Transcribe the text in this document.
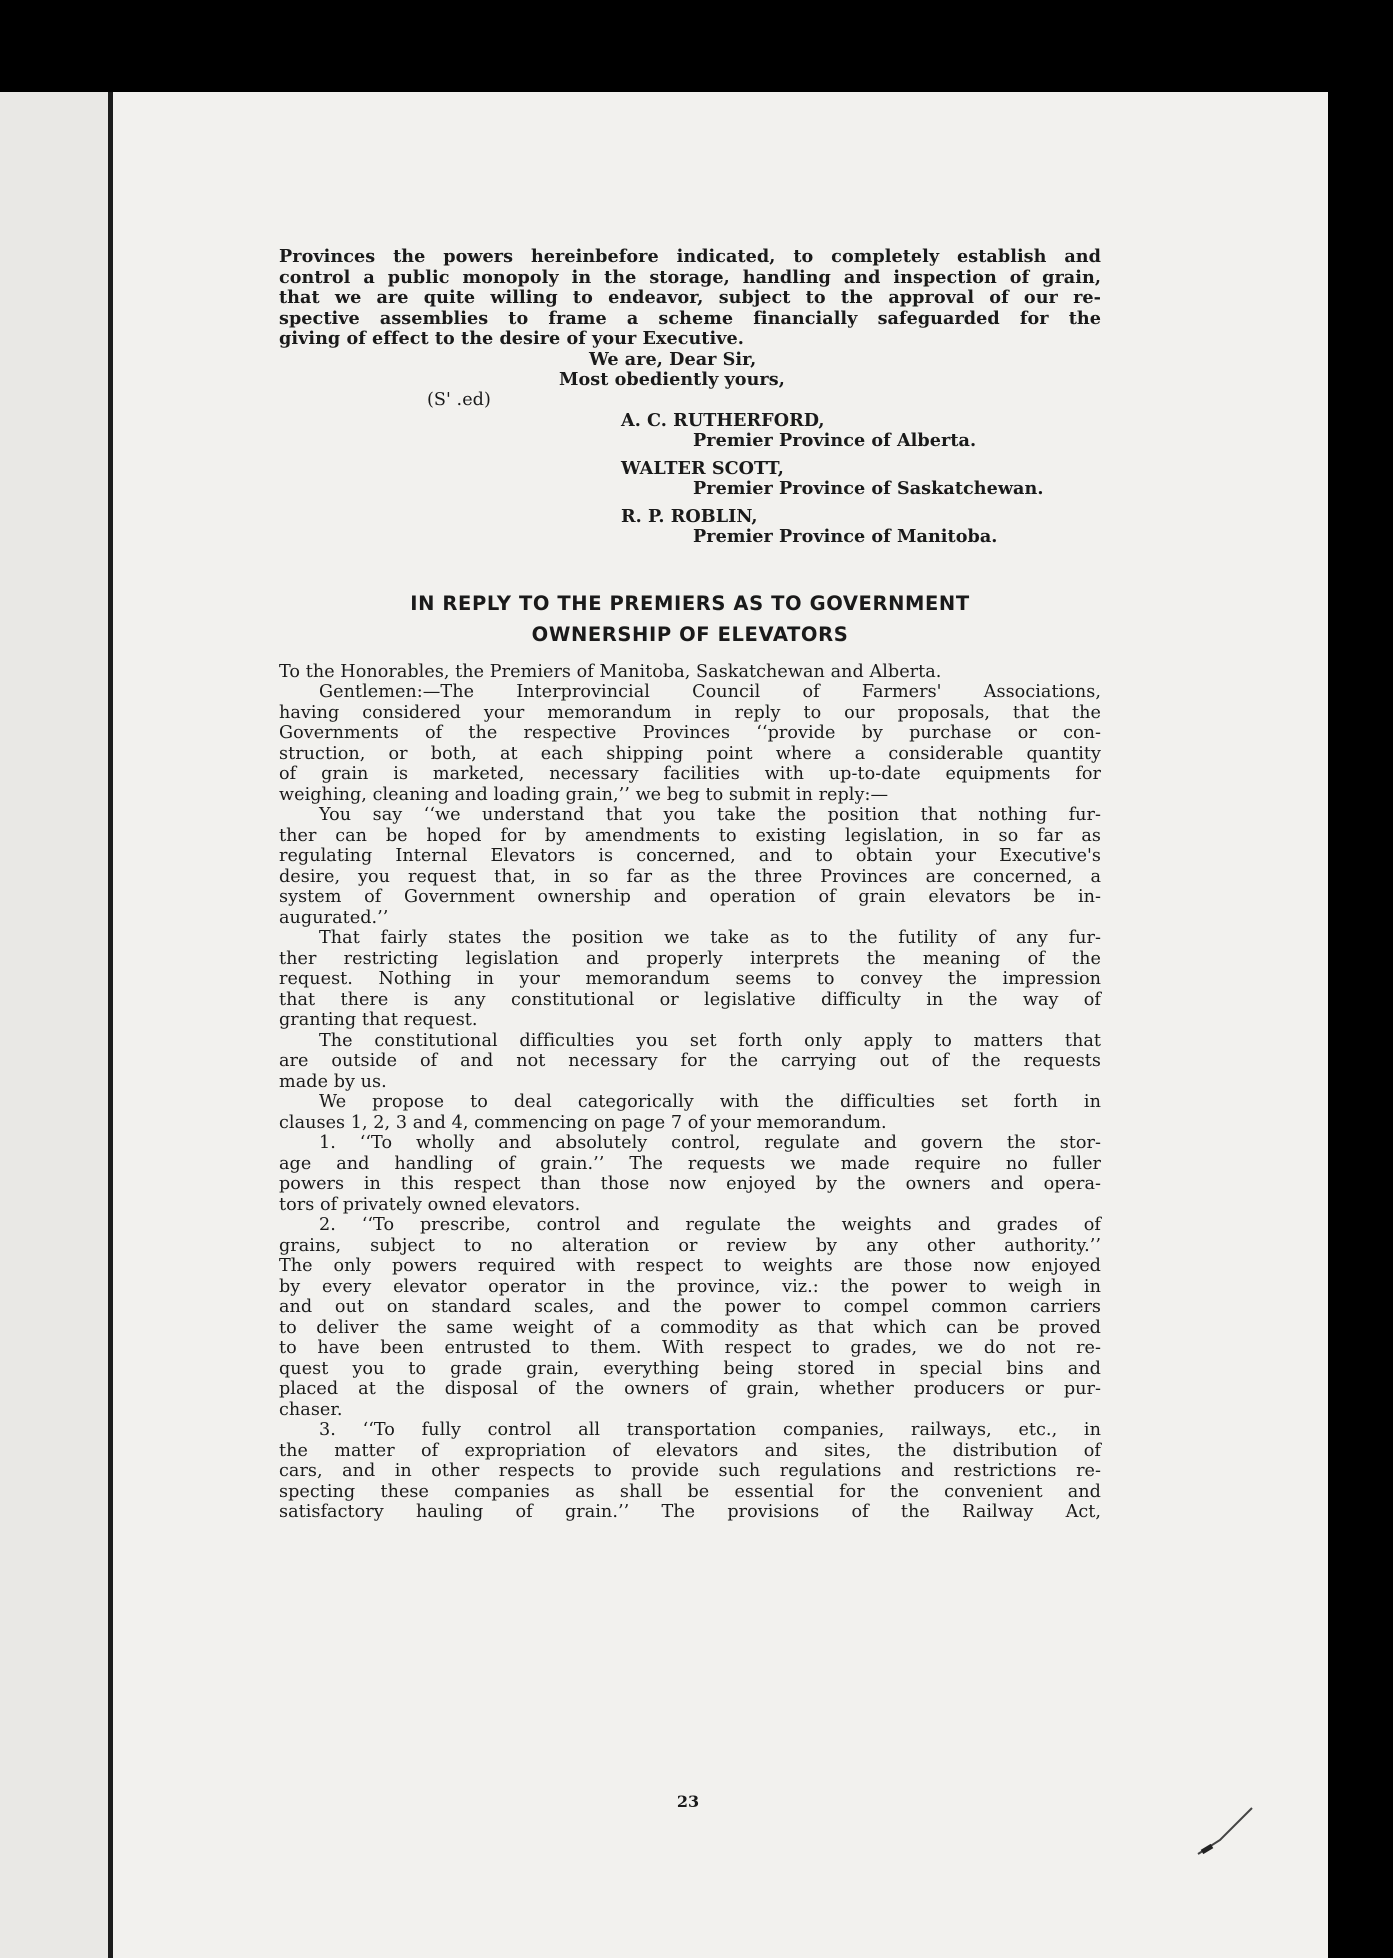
Provinces the powers hereinbefore indicated, to completely establish and

control a public monopoly in the storage, handling and inspection of grain,

that we are quite willing to endeavor, subject to the approval of our re-

spective assemblies to frame a scheme financially safeguarded for the

giving of effect to the desire of your Executive.

We are, Dear Sir,

Most obediently yours,

(S' .ed)

A. C. RUTHERFORD,

Premier Province of Alberta.

WALTER SCOTT,

Premier Province of Saskatchewan.

R. P. ROBLIN,

Premier Province of Manitoba.

IN REPLY TO THE PREMIERS AS TO GOVERNMENT

OWNERSHIP OF ELEVATORS

To the Honorables, the Premiers of Manitoba, Saskatchewan and Alberta.

Gentlemen:—The Interprovincial Council of Farmers' Associations,

having considered your memorandum in reply to our proposals, that the

Governments of the respective Provinces ‘‘provide by purchase or con-

struction, or both, at each shipping point where a considerable quantity

of grain is marketed, necessary facilities with up-to-date equipments for

weighing, cleaning and loading grain,’’ we beg to submit in reply:—

You say ‘‘we understand that you take the position that nothing fur-

ther can be hoped for by amendments to existing legislation, in so far as

regulating Internal Elevators is concerned, and to obtain your Executive's

desire, you request that, in so far as the three Provinces are concerned, a

system of Government ownership and operation of grain elevators be in-

augurated.’’

That fairly states the position we take as to the futility of any fur-

ther restricting legislation and properly interprets the meaning of the

request. Nothing in your memorandum seems to convey the impression

that there is any constitutional or legislative difficulty in the way of

granting that request.

The constitutional difficulties you set forth only apply to matters that

are outside of and not necessary for the carrying out of the requests

made by us.

We propose to deal categorically with the difficulties set forth in

clauses 1, 2, 3 and 4, commencing on page 7 of your memorandum.

1. ‘‘To wholly and absolutely control, regulate and govern the stor-

age and handling of grain.’’ The requests we made require no fuller

powers in this respect than those now enjoyed by the owners and opera-

tors of privately owned elevators.

2. ‘‘To prescribe, control and regulate the weights and grades of

grains, subject to no alteration or review by any other authority.’’

The only powers required with respect to weights are those now enjoyed

by every elevator operator in the province, viz.: the power to weigh in

and out on standard scales, and the power to compel common carriers

to deliver the same weight of a commodity as that which can be proved

to have been entrusted to them. With respect to grades, we do not re-

quest you to grade grain, everything being stored in special bins and

placed at the disposal of the owners of grain, whether producers or pur-

chaser.

3. ‘‘To fully control all transportation companies, railways, etc., in

the matter of expropriation of elevators and sites, the distribution of

cars, and in other respects to provide such regulations and restrictions re-

specting these companies as shall be essential for the convenient and

satisfactory hauling of grain.’’ The provisions of the Railway Act,

23
